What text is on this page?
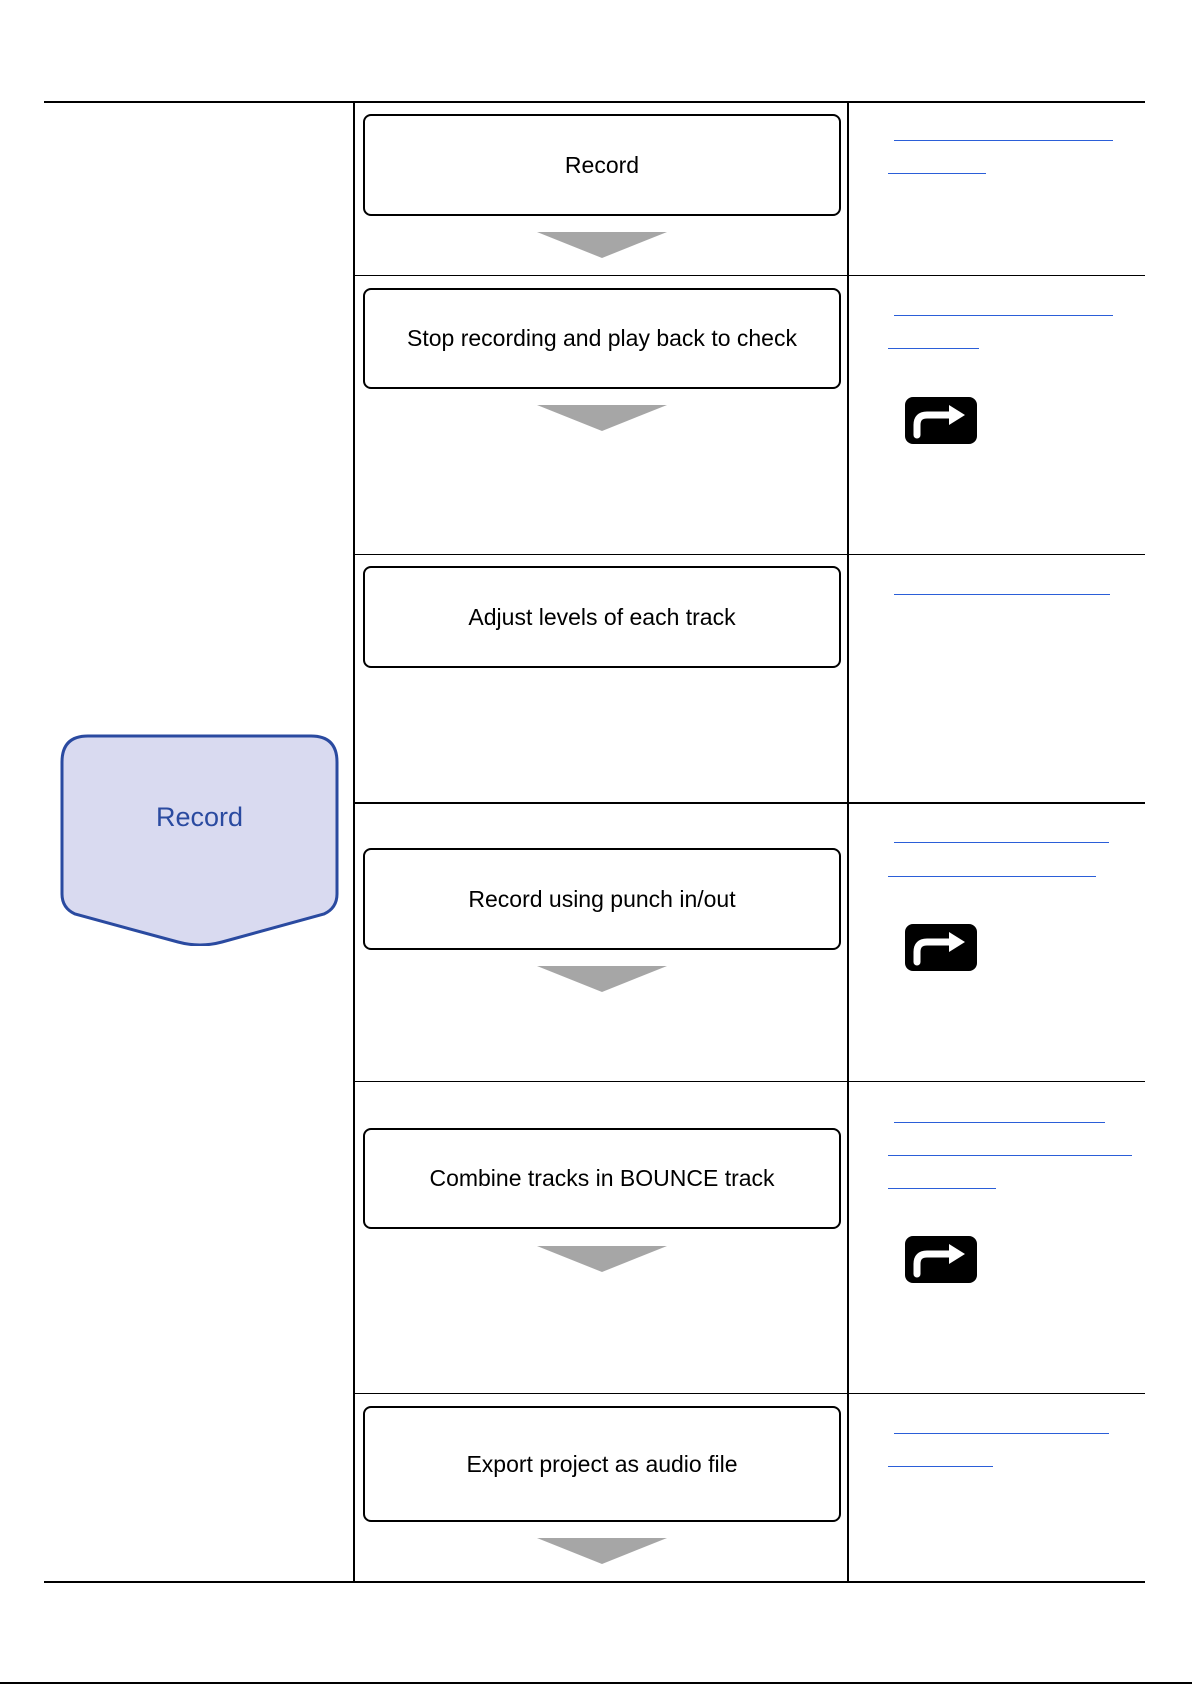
Record
Record
Stop recording and play back to check
Adjust levels of each track
Record using punch in/out
Combine tracks in BOUNCE track
Export project as audio file
